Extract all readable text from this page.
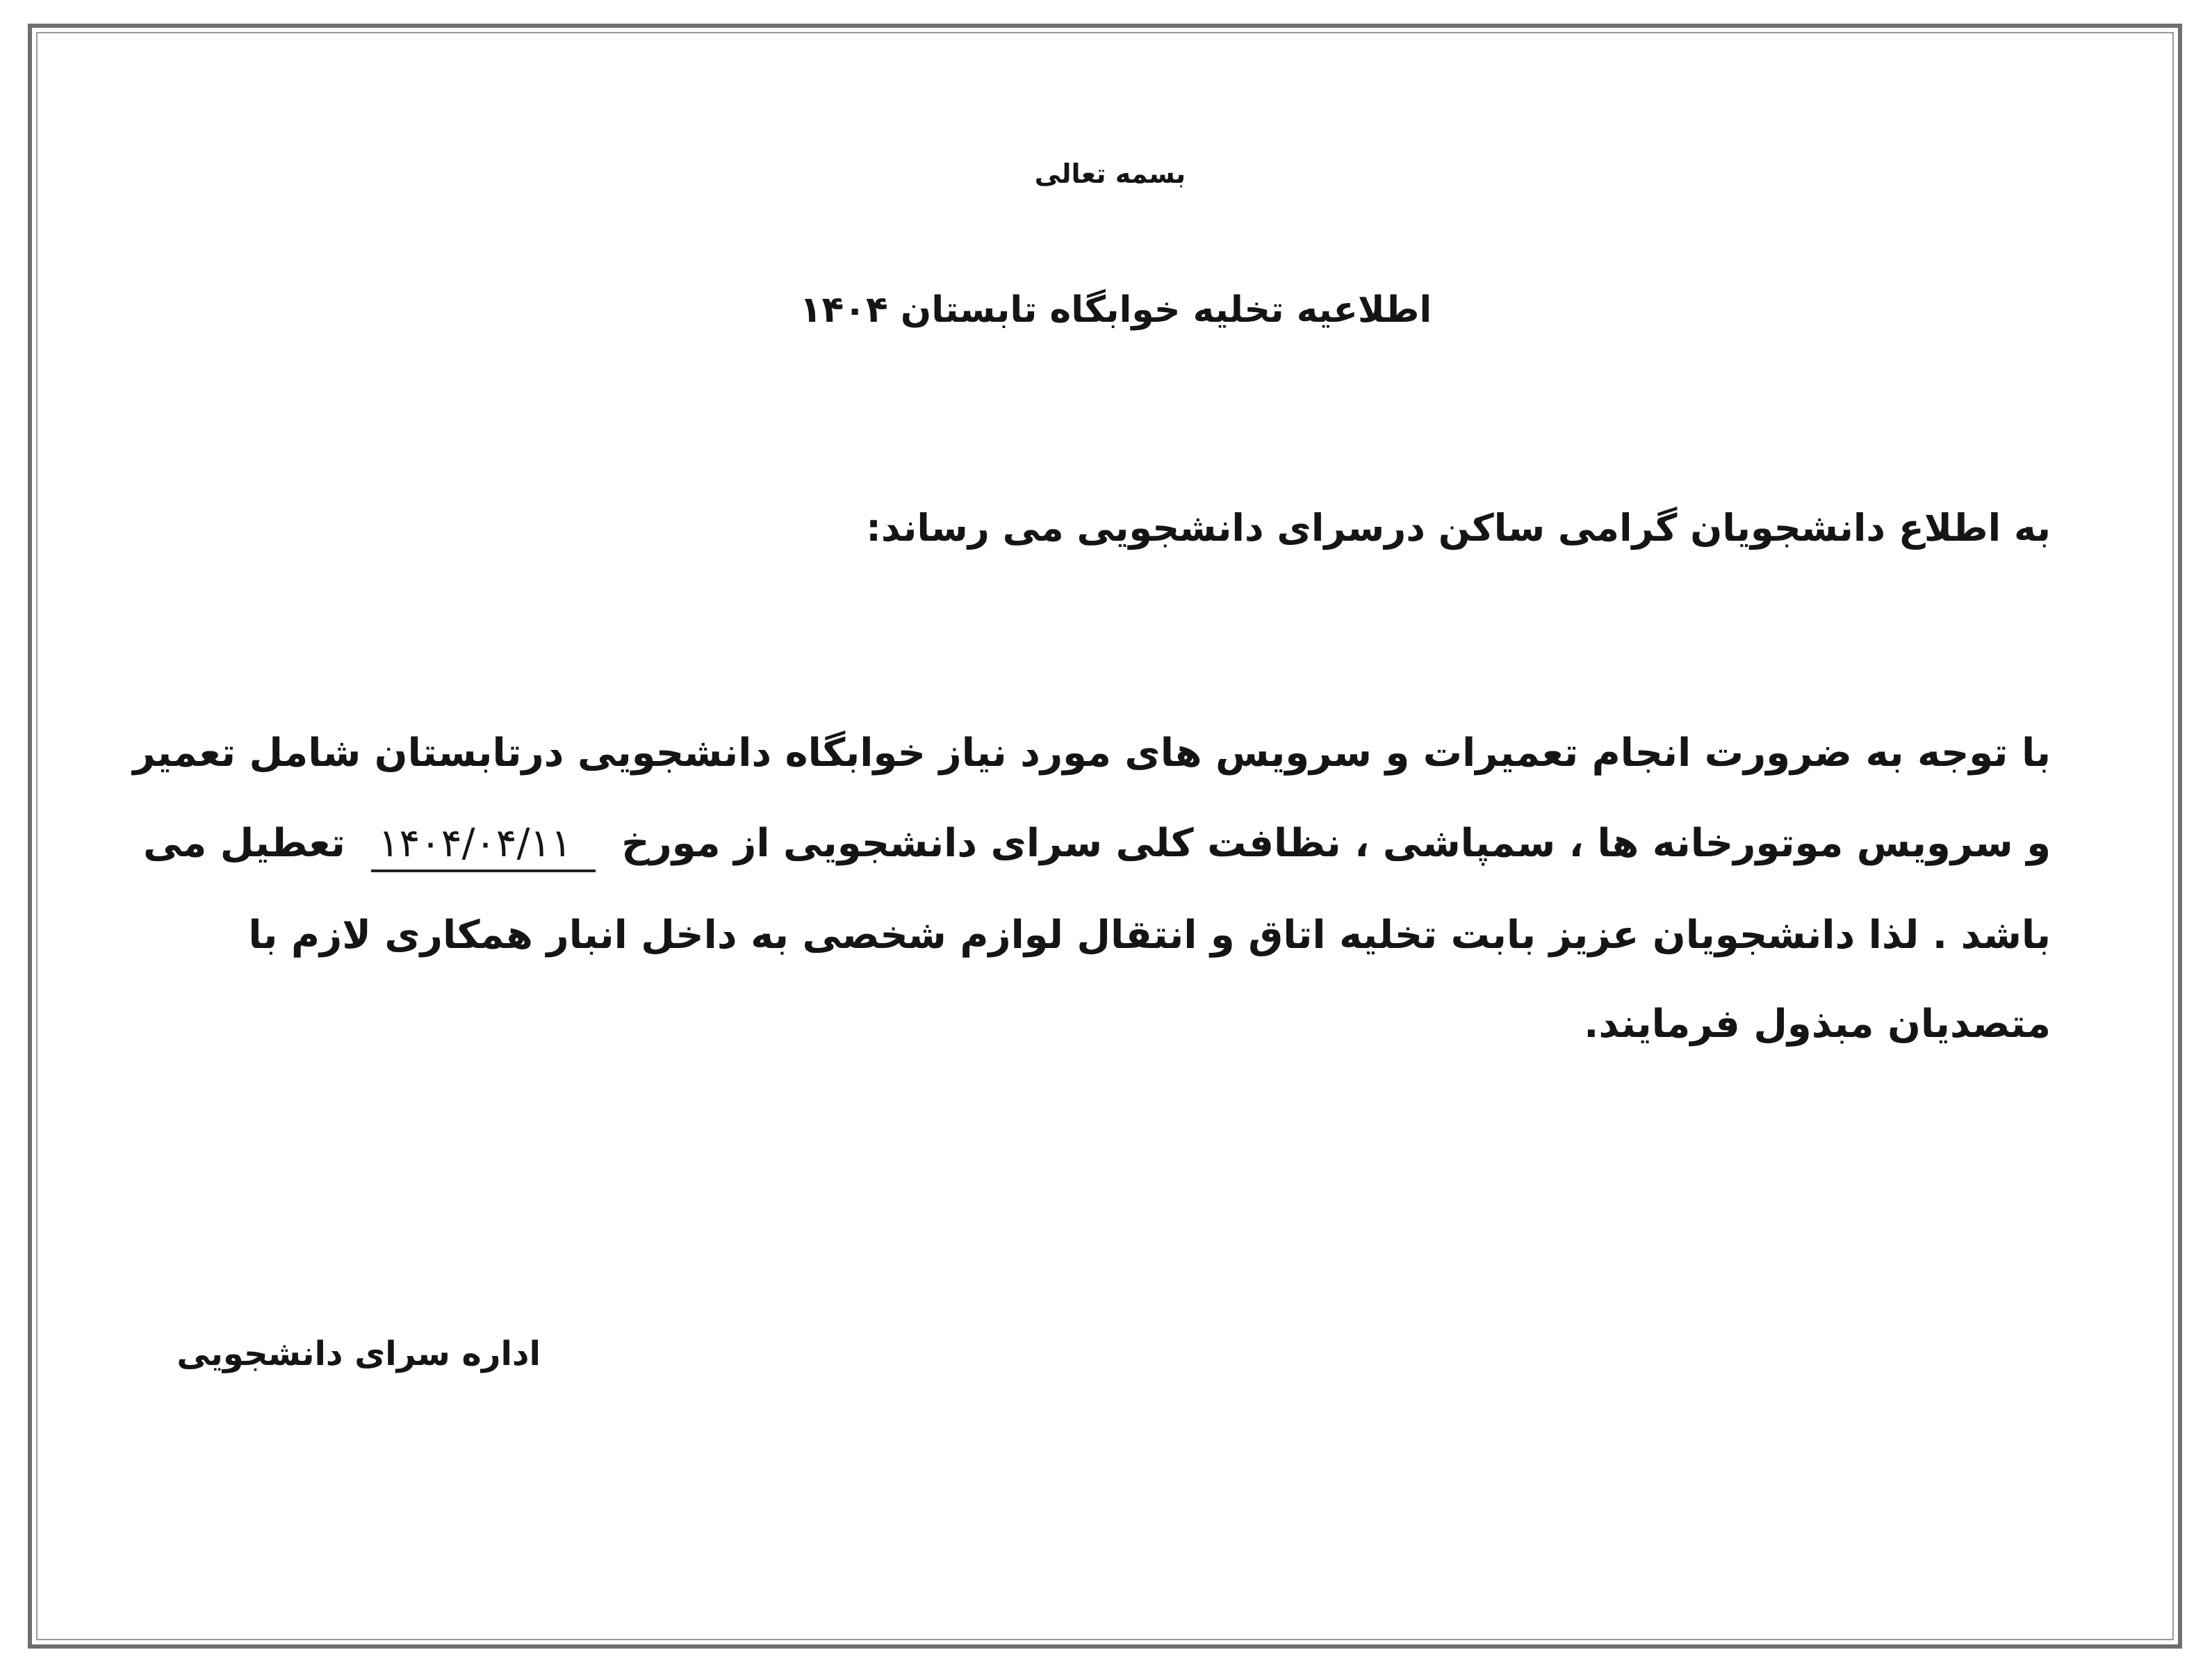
بسمه تعالی
اطلاعیه تخلیه خوابگاه تابستان ۱۴۰۴
به اطلاع دانشجویان گرامی ساکن درسرای دانشجویی می رساند:
با توجه به ضرورت انجام تعمیرات و سرویس های مورد نیاز خوابگاه دانشجویی درتابستان شامل تعمیر
و سرویس موتورخانه ها ، سمپاشی ، نظافت کلی سرای دانشجویی از مورخ ۱۴۰۴/۰۴/۱۱ تعطیل می
باشد . لذا دانشجویان عزیز بابت تخلیه اتاق و انتقال لوازم شخصی به داخل انبار همکاری لازم با
متصدیان مبذول فرمایند.
اداره سرای دانشجویی
